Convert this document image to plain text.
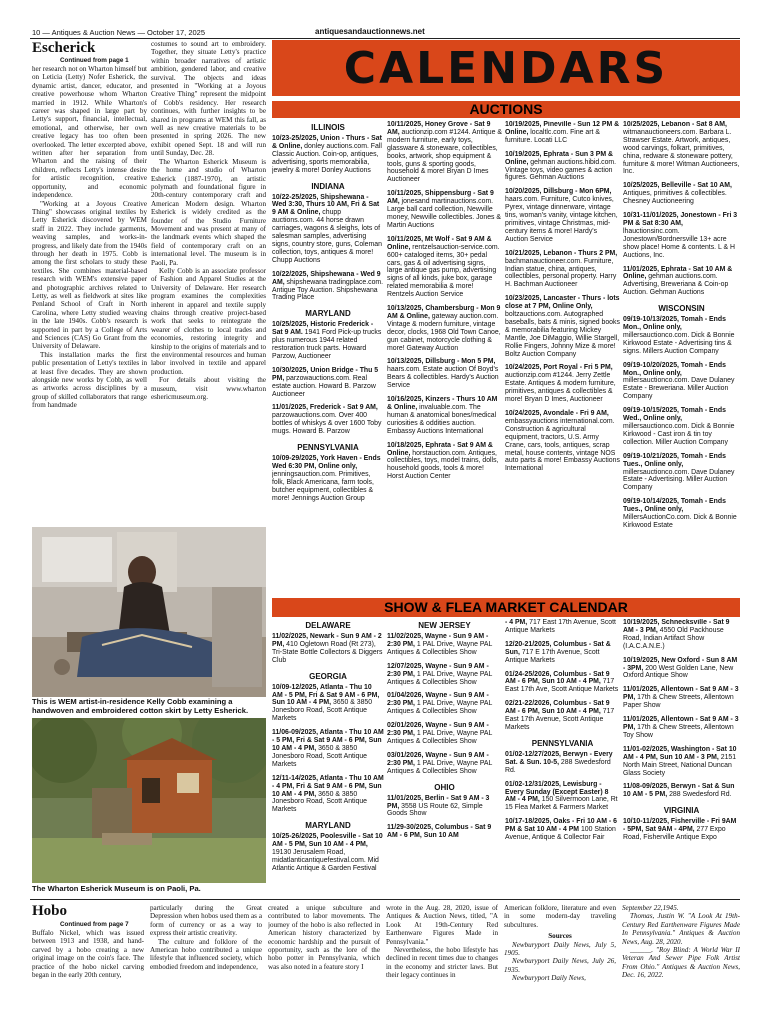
10 — Antiques & Auction News — October 17, 2025	antiquesandauctionnews.net
Escherick
Continued from page 1

her research not on Wharton himself but on Leticia (Letty) Nofer Esherick, the dynamic artist, dancer, educator, and creative powerhouse whom Wharton married in 1912. While Wharton's career was shaped in large part by Letty's support, financial, intellectual, emotional, and otherwise, her own creative legacy has too often been overlooked. The letter excerpted above, written after her separation from Wharton and the raising of their children, reflects Letty's intense desire for artistic recognition, creative opportunity, and economic independence.

"Working at a Joyous Creative Thing" showcases original textiles by Letty Esherick discovered by WEM staff in 2022. They include garments, weaving samples, and works-in-progress, and likely date from the 1940s through her death in 1975. Cobb is among the first scholars to study these textiles. She combines material-based research with WEM's extensive paper and photographic archives related to Letty, as well as fieldwork at sites like Penland School of Craft in North Carolina, where Letty studied weaving in the late 1940s. Cobb's research is supported in part by a College of Arts and Sciences (CAS) Go Grant from the University of Delaware.

This installation marks the first public presentation of Letty's textiles in at least five decades. They are shown alongside new works by Cobb, as well as artworks across disciplines by a group of skilled collaborators that range from handmade

costumes to sound art to embroidery. Together, they situate Letty's practice within broader narratives of artistic ambition, gendered labor, and creative survival. The objects and ideas presented in "Working at a Joyous Creative Thing" represent the midpoint of Cobb's residency. Her research continues, with further insights to be shared in programs at WEM this fall, as well as new creative materials to be presented in spring 2026. The new exhibit opened Sept. 18 and will run until Sunday, Dec. 28.

The Wharton Esherick Museum is the home and studio of Wharton Esherick (1887-1970), an artistic polymath and foundational figure in 20th-century contemporary craft and American Modern design. Wharton Esherick is widely credited as the founder of the Studio Furniture Movement and was present at many of the landmark events which shaped the field of contemporary craft on an international level. The museum is in Paoli, Pa.

Kelly Cobb is an associate professor of Fashion and Apparel Studies at the University of Delaware. Her research program examines the complexities inherent in apparel and textile supply chains through creative project-based work that seeks to reintegrate the wearer of clothes to local trades and economies, restoring integrity and kinship to the origins of materials and to the environmental resources and human labor involved in textile and apparel production.

For details about visiting the museum, visit www.wharton eshericmuseum.org.

This is WEM artist-in-residence Kelly Cobb examining a handwoven and embroidered cotton skirt by Letty Esherick.
The Wharton Esherick Museum is on Paoli, Pa.
CALENDARS
AUCTIONS
ILLINOIS
10/23-25/2025, Union - Thurs - Sat & Online, donley auctions.com. Fall Classic Auction. Coin-op, antiques, advertising, sports memorabilia, jewelry & more! Donley Auctions
INDIANA
10/22-25/2025, Shipshewana - Wed 3:30, Thurs 10 AM, Fri & Sat 9 AM & Online, chupp auctions.com. 44 horse drawn carriages, wagons & sleighs, lots of salesman samples, advertising signs, country store, guns, Coleman collection, toys, antiques & more! Chupp Auctions
10/22/2025, Shipshewana - Wed 9 AM, shipshewana tradingplace.com. Antique Toy Auction. Shipshewana Trading Place
MARYLAND
10/25/2025, Historic Frederick - Sat 9 AM. 1941 Ford Pick-up trucks plus numerous 1944 related restoration truck parts. Howard Parzow, Auctioneer
10/30/2025, Union Bridge - Thu 5 PM, parzowauctions.com. Real estate auction. Howard B. Parzow Auctioneer
11/01/2025, Frederick - Sat 9 AM, parzowauctions.com. Over 400 bottles of whiskys & over 1600 Toby mugs. Howard B. Parzow
PENNSYLVANIA
10/09-29/2025, York Haven - Ends Wed 6:30 PM, Online only, jenningsauction.com. Primitives, folk, Black Americana, farm tools, butcher equipment, collectibles & more! Jennings Auction Group
10/11/2025, Honey Grove - Sat 9 AM, auctionzip.com #1244. Antique & modern furniture, early toys, glassware & stoneware, collectibles, books, artwork, shop equipment & tools, guns & sporting goods, household & more! Bryan D Imes Auctioneer
10/11/2025, Shippensburg - Sat 9 AM, jonesand martinauctions.com. Large ball card collection, Newville money, Newville collectibles. Jones & Martin Auctions
10/11/2025, Mt Wolf - Sat 9 AM & Online, rentzelsauction-service.com. 600+ cataloged items, 30+ pedal cars, gas & oil advertising signs, large antique gas pump, advertising signs of all kinds, juke box, garage related memorabilia & more! Rentzels Auction Service
10/13/2025, Chambersburg - Mon 9 AM & Online, gateway auction.com. Vintage & modern furniture, vintage decor, clocks, 1968 Old Town Canoe, gun cabinet, motorcycle clothing & more! Gateway Auction
10/13/2025, Dillsburg - Mon 5 PM, haars.com. Estate auction Of Boyd's Bears & collectibles. Hardy's Auction Service
10/16/2025, Kinzers - Thurs 10 AM & Online, invaluable.com. The human & anatomical bones/medical curiosities & oddities auction. Embassy Auctions International
10/18/2025, Ephrata - Sat 9 AM & Online, horstauction.com. Antiques, collectibles, toys, model trains, dolls, household goods, tools & more! Horst Auction Center
10/19/2025, Pineville - Sun 12 PM & Online, localtlc.com. Fine art & furniture. Locati LLC
10/19/2025, Ephrata - Sun 3 PM & Online, gehman auctions.hibid.com. Vintage toys, video games & action figures. Gehman Auctions
10/20/2025, Dillsburg - Mon 6PM, haars.com. Furniture, Cutco knives, Pyrex, vintage dinnerware, vintage tins, woman's vanity, vintage kitchen, primitives, vintage Christmas, mid-century items & more! Hardy's Auction Service
10/21/2025, Lebanon - Thurs 2 PM, bachmanauctioneer.com. Furniture, Indian statue, china, antiques, collectibles, personal property. Harry H. Bachman Auctioneer
10/23/2025, Lancaster - Thurs - lots close at 7 PM, Online Only, boltzauctions.com. Autographed baseballs, bats & minis, signed books & memorabilia featuring Mickey Mantle, Joe DiMaggio, Willie Stargell, Rollie Fingers, Johnny Mize & more! Boltz Auction Company
10/24/2025, Port Royal - Fri 5 PM, auctionzip.com #1244. Jerry Zettle Estate. Antiques & modern furniture, primitives, antiques & collectibles & more! Bryan D Imes, Auctioneer
10/24/2025, Avondale - Fri 9 AM, embassyauctions international.com. Construction & agricultural equipment, tractors, U.S. Army Crane, cars, tools, antiques, scrap metal, house contents, vintage NOS auto parts & more! Embassy Auctions International
10/25/2025, Lebanon - Sat 8 AM, witmanauctioneers.com. Barbara L. Strawser Estate. Artwork, antiques, wood carvings, folkart, primitives, china, redware & stoneware pottery, furniture & more! Witman Auctioneers, Inc.
10/25/2025, Belleville - Sat 10 AM, Antiques, primitives & collectibles. Chesney Auctioneering
10/31-11/01/2025, Jonestown - Fri 3 PM & Sat 8:30 AM, lhauctionsinc.com. Jonestown/Bordnersville 13+ acre show place! Home & contents. L & H Auctions, Inc.
11/01/2025, Ephrata - Sat 10 AM & Online, gehman auctions.com. Advertising, Breweriana & Coin-op Auction. Gehman Auctions
WISCONSIN
09/19-10/13/2025, Tomah - Ends Mon., Online only, millersauctionco.com. Dick & Bonnie Kirkwood Estate - Advertising tins & signs. Millers Auction Company
09/19-10/20/2025, Tomah - Ends Mon., Online only, millersauctionco.com. Dave Dulaney Estate - Breweriana. Miller Auction Company
09/19-10/15/2025, Tomah - Ends Wed., Online only, millersauctionco.com. Dick & Bonnie Kirkwood - Cast iron & tin toy collection. Miller Auction Company
09/19-10/21/2025, Tomah - Ends Tues., Online only, millersauctionco.com. Dave Dulaney Estate - Advertising. Miller Auction Company
09/19-10/14/2025, Tomah - Ends Tues., Online only, MillersAuctionCo.com. Dick & Bonnie Kirkwood Estate
SHOW & FLEA MARKET CALENDAR
DELAWARE
11/02/2025, Newark - Sun 9 AM - 2 PM, 410 Ogletown Road (Rt 273), Tri-State Bottle Collectors & Diggers Club
GEORGIA
10/09-12/2025, Atlanta - Thu 10 AM - 5 PM, Fri & Sat 9 AM - 6 PM, Sun 10 AM - 4 PM, 3650 & 3850 Jonesboro Road, Scott Antique Markets
11/06-09/2025, Atlanta - Thu 10 AM - 5 PM, Fri & Sat 9 AM - 6 PM, Sun 10 AM - 4 PM, 3650 & 3850 Jonesboro Road, Scott Antique Markets
12/11-14/2025, Atlanta - Thu 10 AM - 4 PM, Fri & Sat 9 AM - 6 PM, Sun 10 AM - 4 PM, 3650 & 3850 Jonesboro Road, Scott Antique Markets
MARYLAND
10/25-26/2025, Poolesville - Sat 10 AM - 5 PM, Sun 10 AM - 4 PM, 19130 Jerusalem Road, midatlanticantiquefestival.com. Mid Atlantic Antique & Garden Festival
NEW JERSEY
11/02/2025, Wayne - Sun 9 AM - 2:30 PM, 1 PAL Drive, Wayne PAL Antiques & Collectibles Show
12/07/2025, Wayne - Sun 9 AM - 2:30 PM, 1 PAL Drive, Wayne PAL Antiques & Collectibles Show
01/04/2026, Wayne - Sun 9 AM - 2:30 PM, 1 PAL Drive, Wayne PAL Antiques & Collectibles Show
02/01/2026, Wayne - Sun 9 AM - 2:30 PM, 1 PAL Drive, Wayne PAL Antiques & Collectibles Show
03/01/2026, Wayne - Sun 9 AM - 2:30 PM, 1 PAL Drive, Wayne PAL Antiques & Collectibles Show
OHIO
11/01/2025, Berlin - Sat 9 AM - 3 PM, 3558 US Route 62, Simple Goods Show
11/29-30/2025, Columbus - Sat 9 AM - 6 PM, Sun 10 AM
- 4 PM, 717 East 17th Avenue, Scott Antique Markets
12/20-21/2025, Columbus - Sat & Sun, 717 E 17th Avenue, Scott Antique Markets
01/24-25/2026, Columbus - Sat 9 AM - 6 PM, Sun 10 AM - 4 PM, 717 East 17th Ave, Scott Antique Markets
02/21-22/2026, Columbus - Sat 9 AM - 6 PM, Sun 10 AM - 4 PM, 717 East 17th Avenue, Scott Antique Markets
PENNSYLVANIA
01/02-12/27/2025, Berwyn - Every Sat. & Sun. 10-5, 288 Swedesford Rd.
01/02-12/31/2025, Lewisburg - Every Sunday (Except Easter) 8 AM - 4 PM, 150 Silvermoon Lane, Rt 15 Flea Market & Farmers Market
10/17-18/2025, Oaks - Fri 10 AM - 6 PM & Sat 10 AM - 4 PM 100 Station Avenue, Antique & Collector Fair
10/19/2025, Schnecksville - Sat 9 AM - 3 PM, 4550 Old Packhouse Road, Indian Artifact Show (I.A.C.A.N.E.)
10/19/2025, New Oxford - Sun 8 AM - 3PM, 200 West Golden Lane, New Oxford Antique Show
11/01/2025, Allentown - Sat 9 AM - 3 PM, 17th & Chew Streets, Allentown Paper Show
11/01/2025, Allentown - Sat 9 AM - 3 PM, 17th & Chew Streets, Allentown Toy Show
11/01-02/2025, Washington - Sat 10 AM - 4 PM, Sun 10 AM - 3 PM, 2151 North Main Street, National Duncan Glass Society
11/08-09/2025, Berwyn - Sat & Sun 10 AM - 5 PM, 288 Swedesford Rd.
VIRGINIA
10/10-11/2025, Fisherville - Fri 9AM - 5PM, Sat 9AM - 4PM, 277 Expo Road, Fisherville Antique Expo
Hobo
Continued from page 7

Buffalo Nickel, which was issued between 1913 and 1938, and hand-carved by a hobo creating a new original image on the coin's face. The practice of the hobo nickel carving began in the early 20th century,

particularly during the Great Depression when hobos used them as a form of currency or as a way to express their artistic creativity.

The culture and folklore of the American hobo contributed a unique lifestyle that influenced society, which embodied freedom and independence,

created a unique subculture and contributed to labor movements. The journey of the hobo is also reflected in American history characterized by economic hardship and the pursuit of opportunity, such as the lore of the hobo potter in Pennsylvania, which was also noted in a feature story I

wrote in the Aug. 28, 2020, issue of Antiques & Auction News, titled, "A Look At 19th-Century Red Earthenware Figures Made in Pennsylvania."

Nevertheless, the hobo lifestyle has declined in recent times due to changes in the economy and stricter laws. But their legacy continues in

American folklore, literature and even in some modern-day traveling subcultures.

Sources

Newburyport Daily News, July 5, 1905.

Newburyport Daily News, July 26, 1935.

Newburyport Daily News,

September 22,1945.

Thomas, Justin W. "A Look At 19th-Century Red Earthenware Figures Made In Pennsylvania." Antiques & Auction News, Aug. 28, 2020.

______. "Roy Blind: A World War II Veteran And Sewer Pipe Folk Artist From Ohio." Antiques & Auction News, Dec. 16, 2022.
